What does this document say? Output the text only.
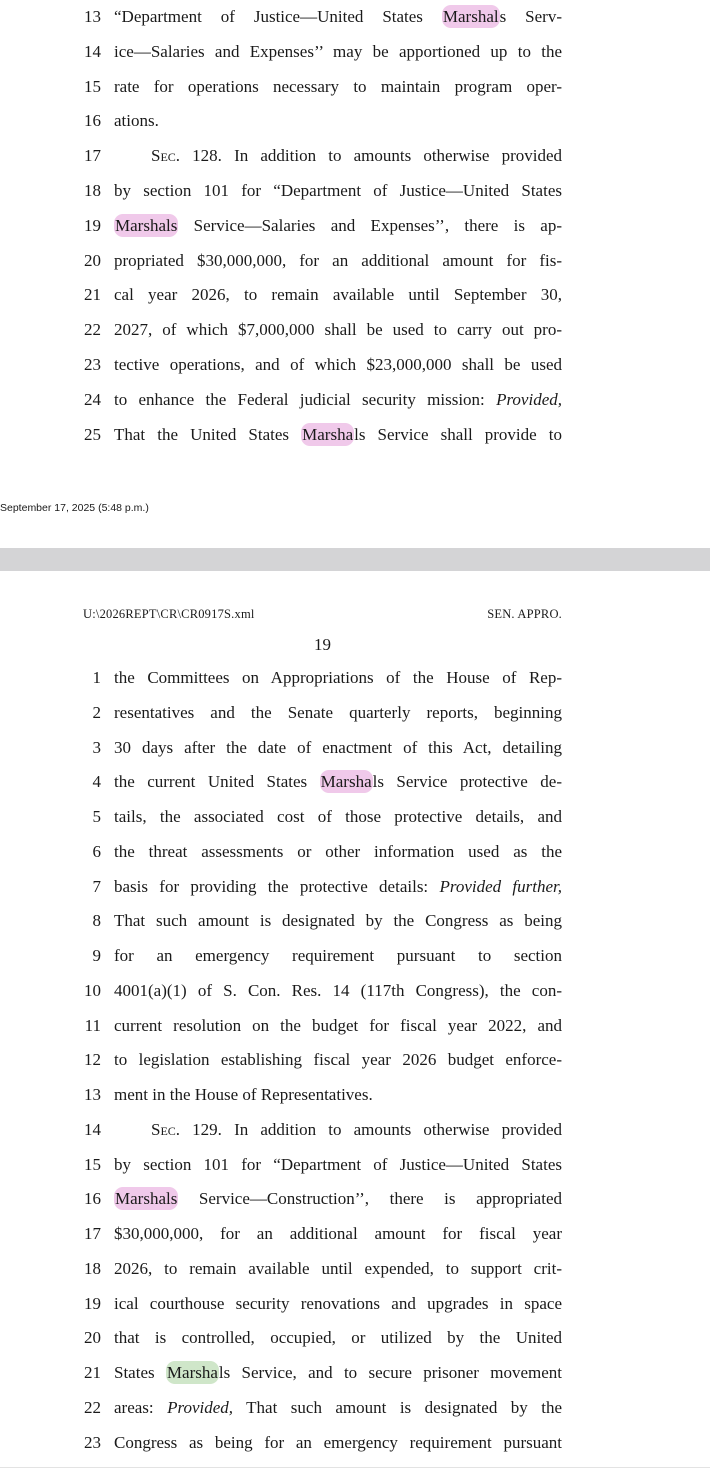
13 “Department of Justice—United States Marshals Serv-
14 ice—Salaries and Expenses’’ may be apportioned up to the
15 rate for operations necessary to maintain program oper-
16 ations.
17	Sec. 128. In addition to amounts otherwise provided
18 by section 101 for “Department of Justice—United States
19 Marshals Service—Salaries and Expenses’’, there is ap-
20 propriated $30,000,000, for an additional amount for fis-
21 cal year 2026, to remain available until September 30,
22 2027, of which $7,000,000 shall be used to carry out pro-
23 tective operations, and of which $23,000,000 shall be used
24 to enhance the Federal judicial security mission: Provided,
25 That the United States Marshals Service shall provide to
September 17, 2025 (5:48 p.m.)
U:\2026REPT\CR\CR0917S.xml	SEN. APPRO.
19
1 the Committees on Appropriations of the House of Rep-
2 resentatives and the Senate quarterly reports, beginning
3 30 days after the date of enactment of this Act, detailing
4 the current United States Marshals Service protective de-
5 tails, the associated cost of those protective details, and
6 the threat assessments or other information used as the
7 basis for providing the protective details: Provided further,
8 That such amount is designated by the Congress as being
9 for an emergency requirement pursuant to section
10 4001(a)(1) of S. Con. Res. 14 (117th Congress), the con-
11 current resolution on the budget for fiscal year 2022, and
12 to legislation establishing fiscal year 2026 budget enforce-
13 ment in the House of Representatives.
14	Sec. 129. In addition to amounts otherwise provided
15 by section 101 for “Department of Justice—United States
16 Marshals Service—Construction’’, there is appropriated
17 $30,000,000, for an additional amount for fiscal year
18 2026, to remain available until expended, to support crit-
19 ical courthouse security renovations and upgrades in space
20 that is controlled, occupied, or utilized by the United
21 States Marshals Service, and to secure prisoner movement
22 areas: Provided, That such amount is designated by the
23 Congress as being for an emergency requirement pursuant
